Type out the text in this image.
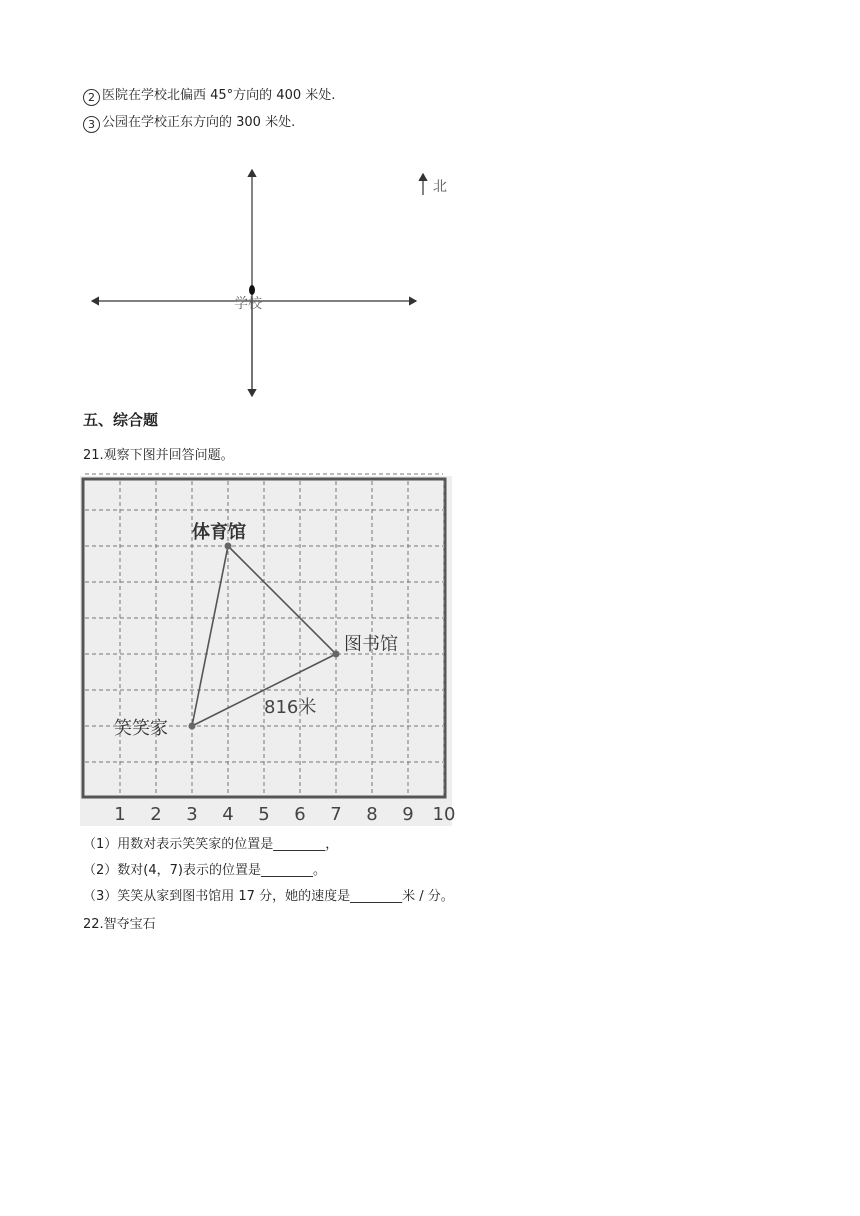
2 医院在学校北偏西 45°方向的 400 米处.
3 公园在学校正东方向的 300 米处.
学校
北
五、综合题
21.观察下图并回答问题。
1 2 3 4 5 6 7 8 9 10
体育馆
图书馆
笑笑家
816米
（1）用数对表示笑笑家的位置是________，
（2）数对(4，7)表示的位置是________。
（3）笑笑从家到图书馆用 17 分，她的速度是________米 / 分。
22.智夺宝石
